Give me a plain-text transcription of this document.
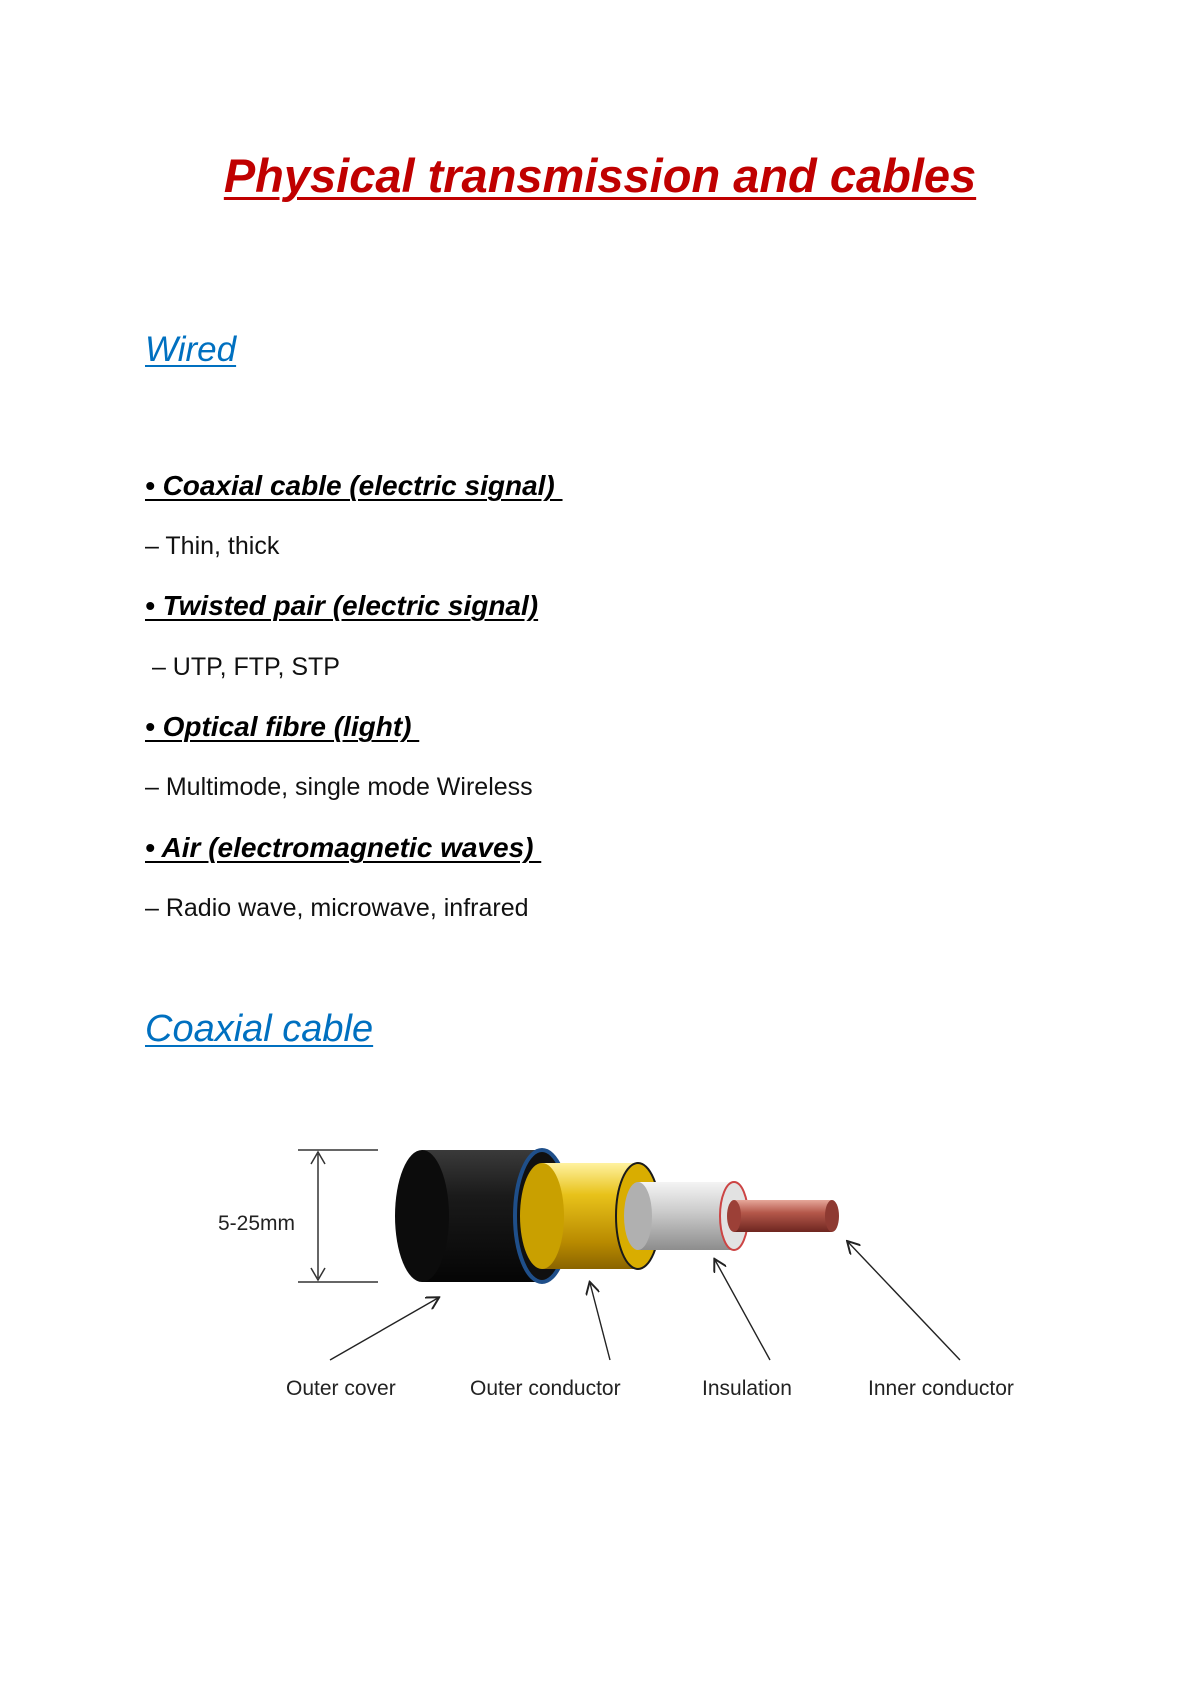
Physical transmission and cables
Wired
• Coaxial cable (electric signal)
– Thin, thick
• Twisted pair (electric signal)
– UTP, FTP, STP
• Optical fibre (light)
– Multimode, single mode Wireless
• Air (electromagnetic waves)
– Radio wave, microwave, infrared
Coaxial cable
5-25mm
Outer cover	Outer conductor	Insulation	Inner conductor
